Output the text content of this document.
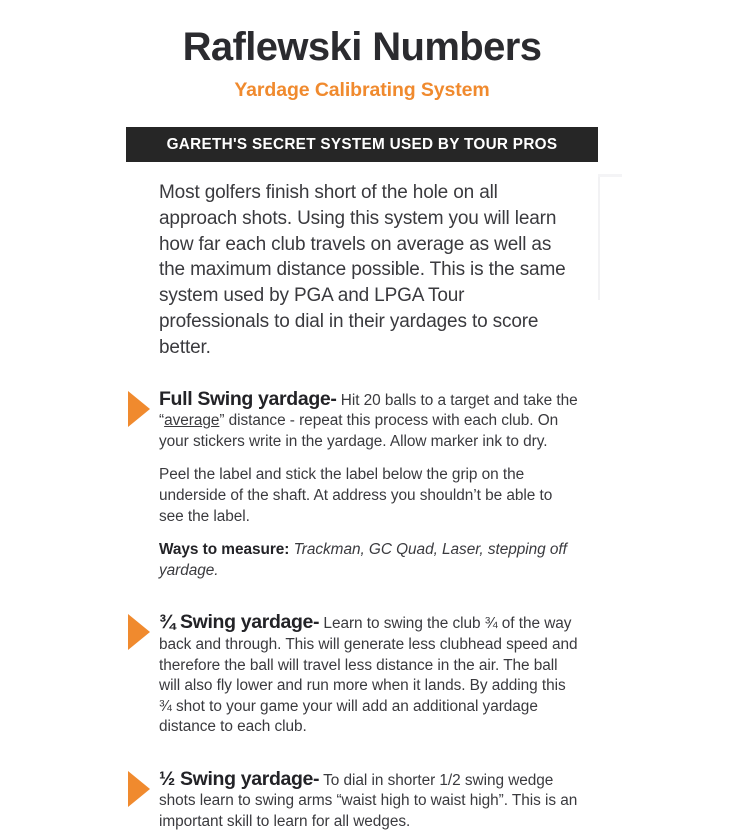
Raflewski Numbers
Yardage Calibrating System
GARETH'S SECRET SYSTEM USED BY TOUR PROS

Most golfers finish short of the hole on all approach shots. Using this system you will learn how far each club travels on average as well as the maximum distance possible. This is the same system used by PGA and LPGA Tour professionals to dial in their yardages to score better.

Full Swing yardage- Hit 20 balls to a target and take the “average” distance - repeat this process with each club. On your stickers write in the yardage. Allow marker ink to dry.

Peel the label and stick the label below the grip on the underside of the shaft. At address you shouldn’t be able to see the label.

Ways to measure: Trackman, GC Quad, Laser, stepping off yardage.

¾ Swing yardage- Learn to swing the club ¾ of the way back and through. This will generate less clubhead speed and therefore the ball will travel less distance in the air. The ball will also fly lower and run more when it lands. By adding this ¾ shot to your game your will add an additional yardage distance to each club.

½ Swing yardage- To dial in shorter 1/2 swing wedge shots learn to swing arms “waist high to waist high”. This is an important skill to learn for all wedges.
